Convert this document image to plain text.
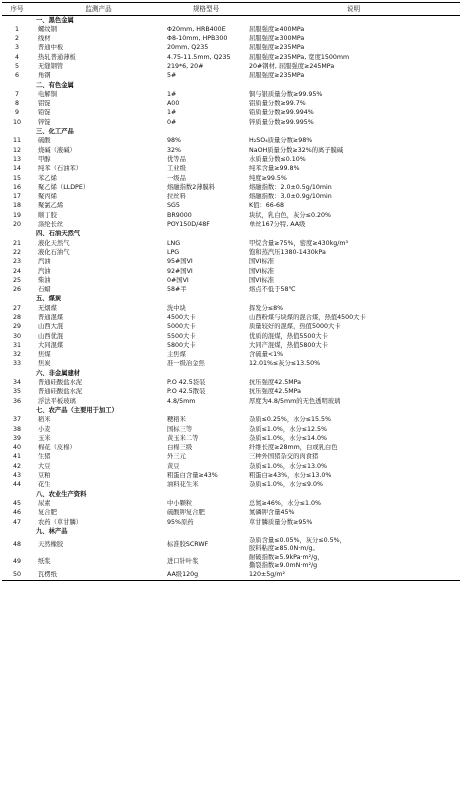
序号	监测产品	规格型号	说明
	一、黑色金属		
1	螺纹钢	Φ20mm, HRB400E	屈服强度≥400MPa
2	线材	Φ8-10mm, HPB300	屈服强度≥300MPa
3	普通中板	20mm, Q235	屈服强度≥235MPa
4	热轧普通薄板	4.75-11.5mm, Q235	屈服强度≥235MPa, 宽度1500mm
5	无缝钢管	219*6, 20#	20#钢材, 屈服强度≥245MPa
6	角钢	5#	屈服强度≥235MPa
	二、有色金属		
7	电解铜	1#	铜与银质量分数≥99.95%
8	铝锭	A00	铝质量分数≥99.7%
9	铅锭	1#	铅质量分数≥99.994%
10	锌锭	0#	锌质量分数≥99.995%
	三、化工产品		
11	硫酸	98%	H₂SO₄质量分数≥98%
12	烧碱（液碱）	32%	NaOH质量分数≥32%的离子膜碱
13	甲醇	优等品	水质量分数≤0.10%
14	纯苯（石油苯）	工业级	纯苯含量≥99.8%
15	苯乙烯	一级品	纯度≥99.5%
16	聚乙烯（LLDPE）	熔融指数2薄膜料	熔融指数：2.0±0.5g/10min
17	聚丙烯	拉丝料	熔融指数：3.0±0.9g/10min
18	聚氯乙烯	SG5	K值：66-68
19	顺丁胶	BR9000	块状，乳白色，灰分≤0.20%
20	涤纶长丝	POY150D/48F	单丝167分特, AA级
	四、石油天然气		
21	液化天然气	LNG	甲烷含量≥75%，密度≥430kg/m³
22	液化石油气	LPG	饱和蒸汽压1380-1430kPa
23	汽油	95#国VI	国VI标准
24	汽油	92#国VI	国VI标准
25	柴油	0#国VI	国VI标准
26	石蜡	58#半	熔点不低于58℃
	五、煤炭		
27	无烟煤	洗中块	挥发分≤8%
28	普通混煤	4500大卡	山西粉煤与块煤的混合煤，热值4500大卡
29	山西大混	5000大卡	质量较好的混煤，热值5000大卡
30	山西优混	5500大卡	优质的混煤，热值5500大卡
31	大同混煤	5800大卡	大同产混煤，热值5800大卡
32	焦煤	主焦煤	含硫量<1%
33	焦炭	准一级冶金焦	12.01%≤灰分≤13.50%
	六、非金属建材		
34	普通硅酸盐水泥	P.O 42.5袋装	抗压强度42.5MPa
35	普通硅酸盐水泥	P.O 42.5散装	抗压强度42.5MPa
36	浮法平板玻璃	4.8/5mm	厚度为4.8/5mm的无色透明玻璃
	七、农产品（主要用于加工）		
37	稻米	粳稻米	杂质≤0.25%，水分≤15.5%
38	小麦	国标三等	杂质≤1.0%，水分≤12.5%
39	玉米	黄玉米二等	杂质≤1.0%，水分≤14.0%
40	棉花（皮棉）	白棉三级	纤维长度≥28mm，白或乳白色
41	生猪	外三元	三种外国猪杂交的肉食猪
42	大豆	黄豆	杂质≤1.0%，水分≤13.0%
43	豆粕	粗蛋白含量≥43%	粗蛋白≥43%，水分≤13.0%
44	花生	油料花生米	杂质≤1.0%，水分≤9.0%
	八、农业生产资料		
45	尿素	中小颗粒	总氮≥46%，水分≤1.0%
46	复合肥	硫酸钾复合肥	氮磷钾含量45%
47	农药（草甘膦）	95%原药	草甘膦质量分数≥95%
	九、林产品		
48	天然橡胶	标准胶SCRWF	杂质含量≤0.05%，灰分≤0.5%，
胶料粘度≥85.0N·m/g。
49	纸浆	进口针叶浆	耐破指数≥5.9kPa·m²/g，
撕裂指数≥9.0mN·m²/g
50	瓦楞纸	AA级120g	120±5g/m²
